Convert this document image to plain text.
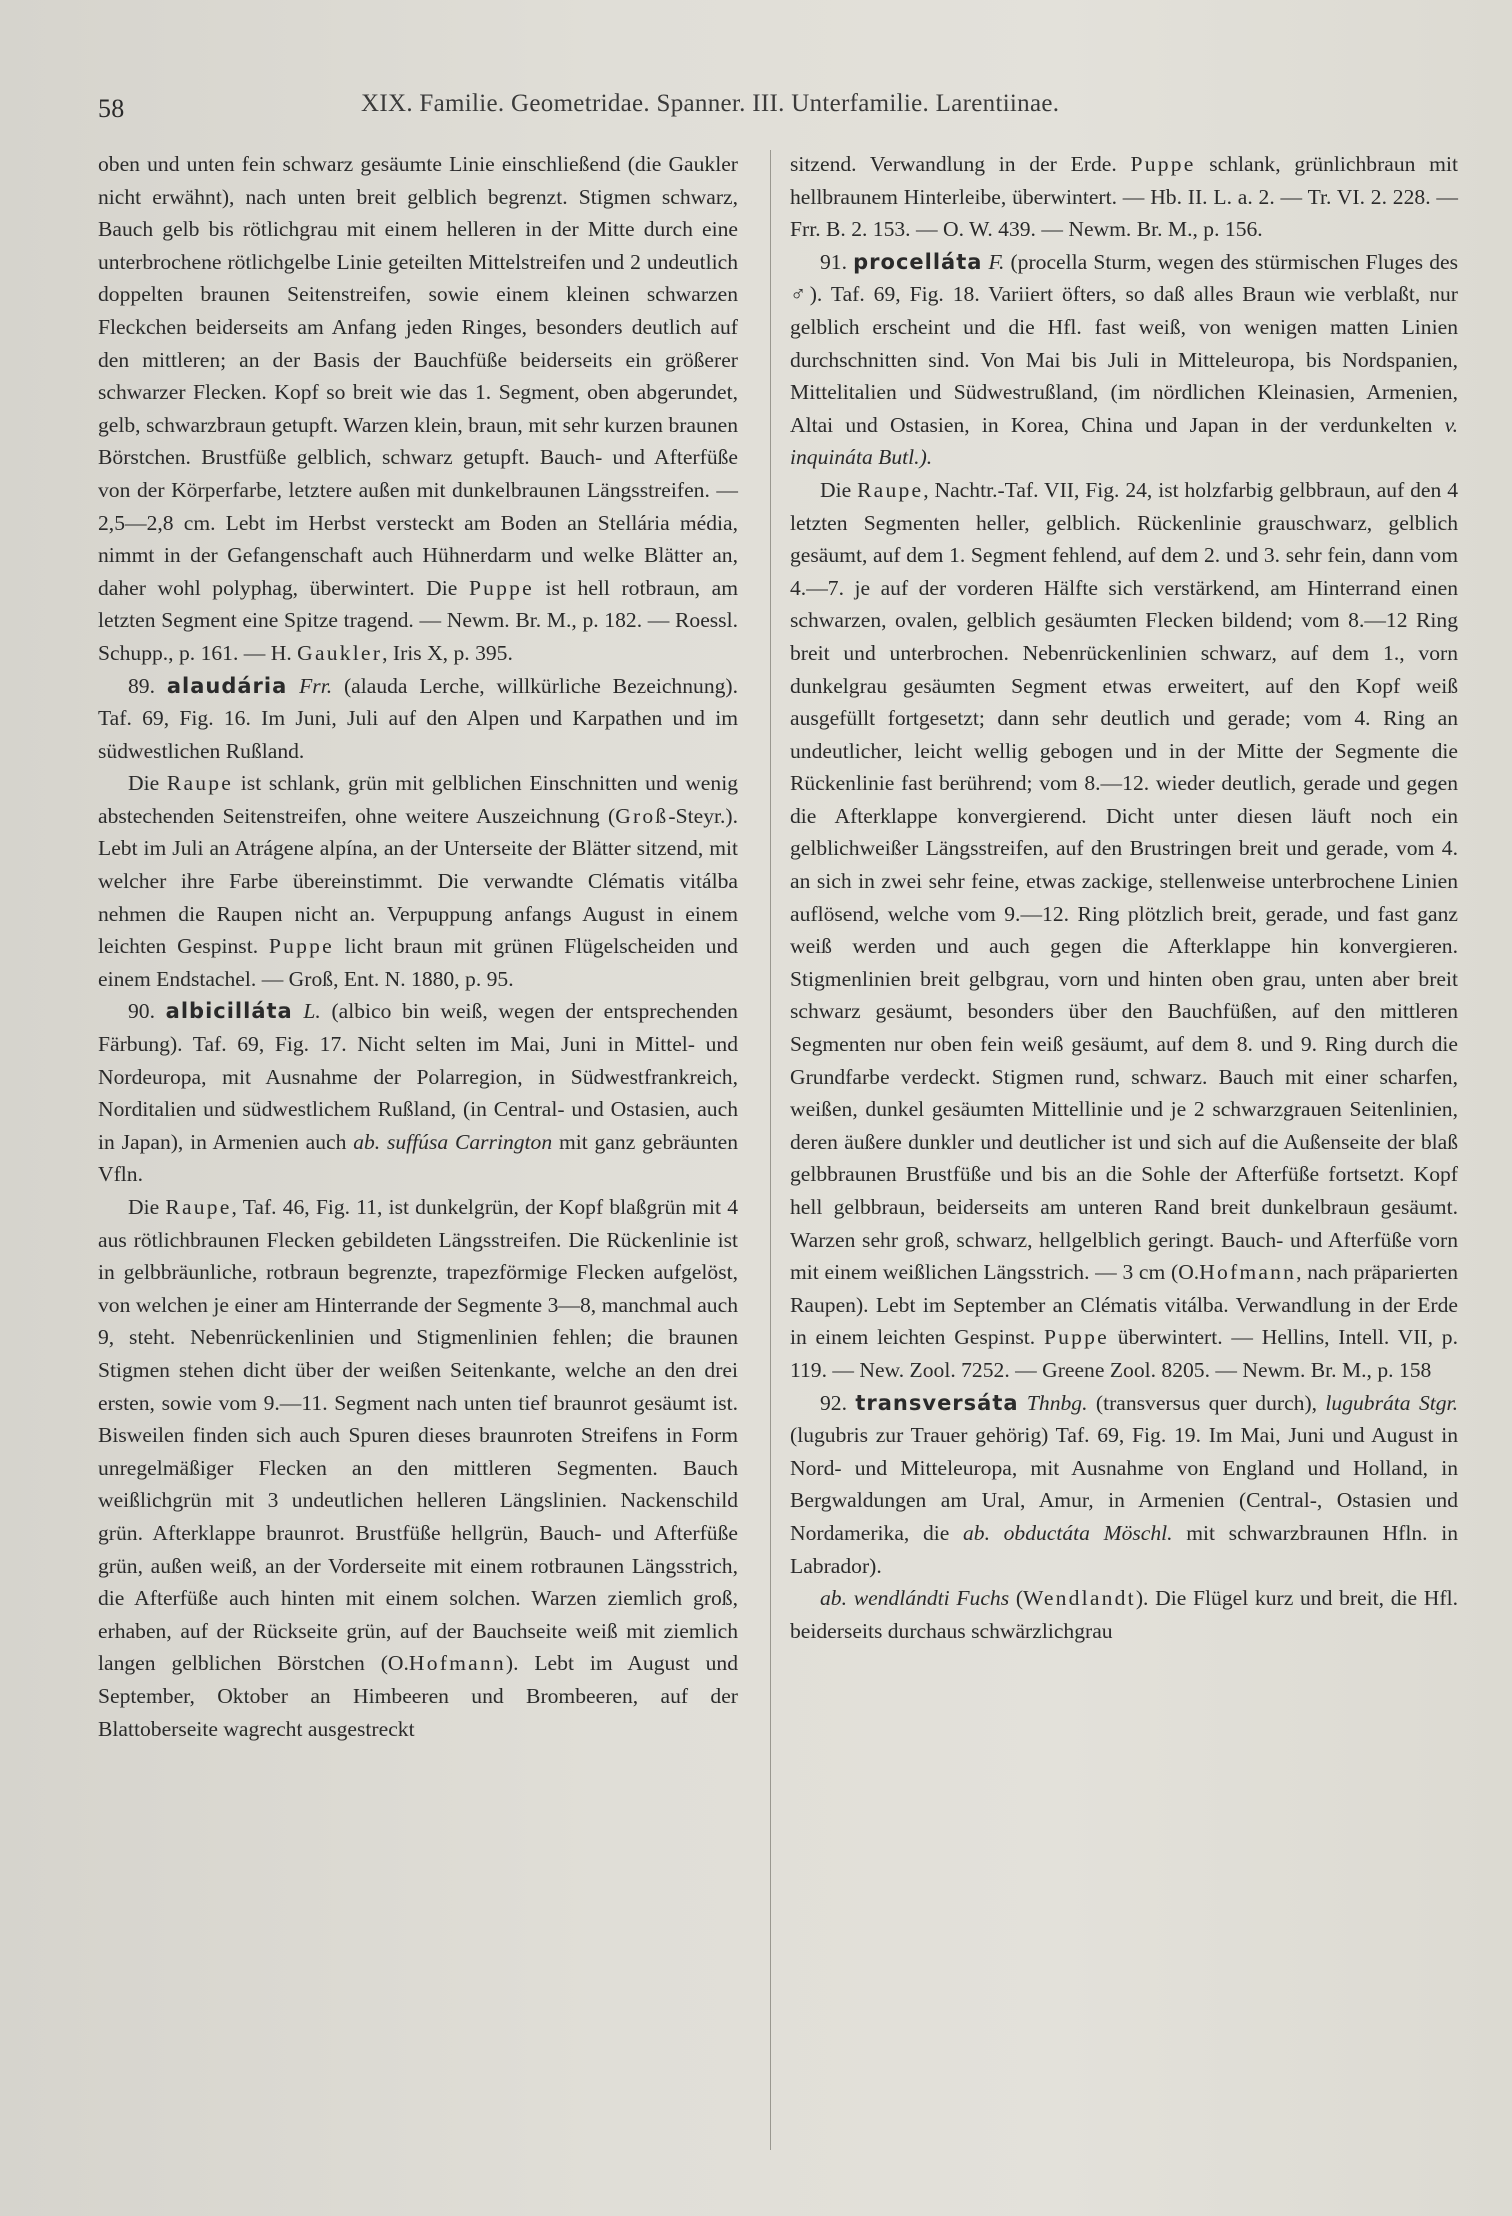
58	XIX. Familie. Geometridae. Spanner. III. Unterfamilie. Larentiinae.

oben und unten fein schwarz gesäumte Linie einschließend (die Gaukler nicht erwähnt), nach unten breit gelblich begrenzt. Stigmen schwarz, Bauch gelb bis rötlichgrau mit einem helleren in der Mitte durch eine unterbrochene rötlichgelbe Linie geteilten Mittelstreifen und 2 undeutlich doppelten braunen Seitenstreifen, sowie einem kleinen schwarzen Fleckchen beiderseits am Anfang jeden Ringes, besonders deutlich auf den mittleren; an der Basis der Bauchfüße beiderseits ein größerer schwarzer Flecken. Kopf so breit wie das 1. Segment, oben abgerundet, gelb, schwarzbraun getupft. Warzen klein, braun, mit sehr kurzen braunen Börstchen. Brustfüße gelblich, schwarz getupft. Bauch- und Afterfüße von der Körperfarbe, letztere außen mit dunkelbraunen Längsstreifen. — 2,5—2,8 cm. Lebt im Herbst versteckt am Boden an Stellária média, nimmt in der Gefangenschaft auch Hühnerdarm und welke Blätter an, daher wohl polyphag, überwintert. Die Puppe ist hell rotbraun, am letzten Segment eine Spitze tragend. — Newm. Br. M., p. 182. — Roessl. Schupp., p. 161. — H. Gaukler, Iris X, p. 395.

89. alaudária Frr. (alauda Lerche, willkürliche Bezeichnung). Taf. 69, Fig. 16. Im Juni, Juli auf den Alpen und Karpathen und im südwestlichen Rußland.

Die Raupe ist schlank, grün mit gelblichen Einschnitten und wenig abstechenden Seitenstreifen, ohne weitere Auszeichnung (Groß-Steyr.). Lebt im Juli an Atrágene alpína, an der Unterseite der Blätter sitzend, mit welcher ihre Farbe übereinstimmt. Die verwandte Clématis vitálba nehmen die Raupen nicht an. Verpuppung anfangs August in einem leichten Gespinst. Puppe licht braun mit grünen Flügelscheiden und einem Endstachel. — Groß, Ent. N. 1880, p. 95.

90. albicilláta L. (albico bin weiß, wegen der entsprechenden Färbung). Taf. 69, Fig. 17. Nicht selten im Mai, Juni in Mittel- und Nordeuropa, mit Ausnahme der Polarregion, in Südwestfrankreich, Norditalien und südwestlichem Rußland, (in Central- und Ostasien, auch in Japan), in Armenien auch ab. suffúsa Carrington mit ganz gebräunten Vfln.

Die Raupe, Taf. 46, Fig. 11, ist dunkelgrün, der Kopf blaßgrün mit 4 aus rötlichbraunen Flecken gebildeten Längsstreifen. Die Rückenlinie ist in gelbbräunliche, rotbraun begrenzte, trapezförmige Flecken aufgelöst, von welchen je einer am Hinterrande der Segmente 3—8, manchmal auch 9, steht. Nebenrückenlinien und Stigmenlinien fehlen; die braunen Stigmen stehen dicht über der weißen Seitenkante, welche an den drei ersten, sowie vom 9.—11. Segment nach unten tief braunrot gesäumt ist. Bisweilen finden sich auch Spuren dieses braunroten Streifens in Form unregelmäßiger Flecken an den mittleren Segmenten. Bauch weißlichgrün mit 3 undeutlichen helleren Längslinien. Nackenschild grün. Afterklappe braunrot. Brustfüße hellgrün, Bauch- und Afterfüße grün, außen weiß, an der Vorderseite mit einem rotbraunen Längsstrich, die Afterfüße auch hinten mit einem solchen. Warzen ziemlich groß, erhaben, auf der Rückseite grün, auf der Bauchseite weiß mit ziemlich langen gelblichen Börstchen (O.Hofmann). Lebt im August und September, Oktober an Himbeeren und Brombeeren, auf der Blattoberseite wagrecht ausgestreckt

sitzend. Verwandlung in der Erde. Puppe schlank, grünlichbraun mit hellbraunem Hinterleibe, überwintert. — Hb. II. L. a. 2. — Tr. VI. 2. 228. — Frr. B. 2. 153. — O. W. 439. — Newm. Br. M., p. 156.

91. procelláta F. (procella Sturm, wegen des stürmischen Fluges des ♂). Taf. 69, Fig. 18. Variiert öfters, so daß alles Braun wie verblaßt, nur gelblich erscheint und die Hfl. fast weiß, von wenigen matten Linien durchschnitten sind. Von Mai bis Juli in Mitteleuropa, bis Nordspanien, Mittelitalien und Südwestrußland, (im nördlichen Kleinasien, Armenien, Altai und Ostasien, in Korea, China und Japan in der verdunkelten v. inquináta Butl.).

Die Raupe, Nachtr.-Taf. VII, Fig. 24, ist holzfarbig gelbbraun, auf den 4 letzten Segmenten heller, gelblich. Rückenlinie grauschwarz, gelblich gesäumt, auf dem 1. Segment fehlend, auf dem 2. und 3. sehr fein, dann vom 4.—7. je auf der vorderen Hälfte sich verstärkend, am Hinterrand einen schwarzen, ovalen, gelblich gesäumten Flecken bildend; vom 8.—12 Ring breit und unterbrochen. Nebenrückenlinien schwarz, auf dem 1., vorn dunkelgrau gesäumten Segment etwas erweitert, auf den Kopf weiß ausgefüllt fortgesetzt; dann sehr deutlich und gerade; vom 4. Ring an undeutlicher, leicht wellig gebogen und in der Mitte der Segmente die Rückenlinie fast berührend; vom 8.—12. wieder deutlich, gerade und gegen die Afterklappe konvergierend. Dicht unter diesen läuft noch ein gelblichweißer Längsstreifen, auf den Brustringen breit und gerade, vom 4. an sich in zwei sehr feine, etwas zackige, stellenweise unterbrochene Linien auflösend, welche vom 9.—12. Ring plötzlich breit, gerade, und fast ganz weiß werden und auch gegen die Afterklappe hin konvergieren. Stigmenlinien breit gelbgrau, vorn und hinten oben grau, unten aber breit schwarz gesäumt, besonders über den Bauchfüßen, auf den mittleren Segmenten nur oben fein weiß gesäumt, auf dem 8. und 9. Ring durch die Grundfarbe verdeckt. Stigmen rund, schwarz. Bauch mit einer scharfen, weißen, dunkel gesäumten Mittellinie und je 2 schwarzgrauen Seitenlinien, deren äußere dunkler und deutlicher ist und sich auf die Außenseite der blaß gelbbraunen Brustfüße und bis an die Sohle der Afterfüße fortsetzt. Kopf hell gelbbraun, beiderseits am unteren Rand breit dunkelbraun gesäumt. Warzen sehr groß, schwarz, hellgelblich geringt. Bauch- und Afterfüße vorn mit einem weißlichen Längsstrich. — 3 cm (O.Hofmann, nach präparierten Raupen). Lebt im September an Clématis vitálba. Verwandlung in der Erde in einem leichten Gespinst. Puppe überwintert. — Hellins, Intell. VII, p. 119. — New. Zool. 7252. — Greene Zool. 8205. — Newm. Br. M., p. 158

92. transversáta Thnbg. (transversus quer durch), lugubráta Stgr. (lugubris zur Trauer gehörig) Taf. 69, Fig. 19. Im Mai, Juni und August in Nord- und Mitteleuropa, mit Ausnahme von England und Holland, in Bergwaldungen am Ural, Amur, in Armenien (Central-, Ostasien und Nordamerika, die ab. obductáta Möschl. mit schwarzbraunen Hfln. in Labrador).

ab. wendlándti Fuchs (Wendlandt). Die Flügel kurz und breit, die Hfl. beiderseits durchaus schwärzlichgrau
